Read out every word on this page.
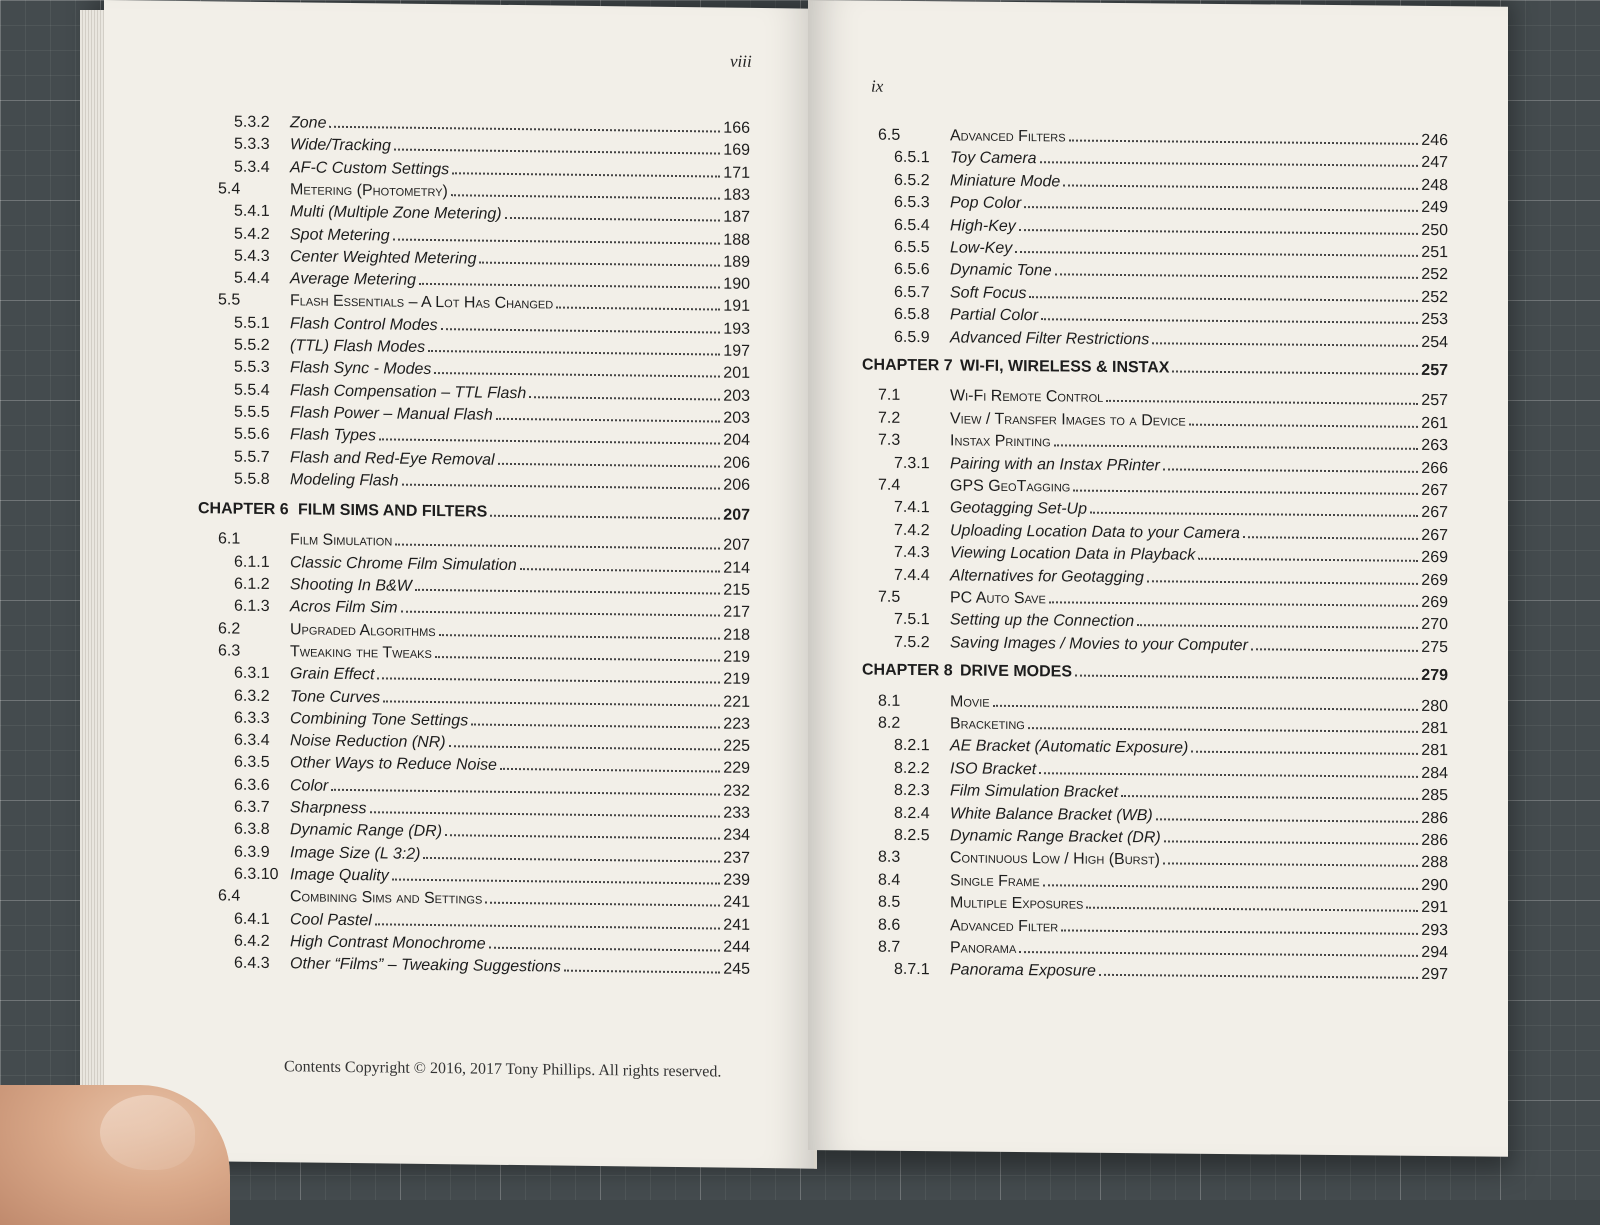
viii
5.3.2	Zone	166
5.3.3	Wide/Tracking	169
5.3.4	AF-C Custom Settings	171
5.4	Metering (Photometry)	183
5.4.1	Multi (Multiple Zone Metering)	187
5.4.2	Spot Metering	188
5.4.3	Center Weighted Metering	189
5.4.4	Average Metering	190
5.5	Flash Essentials – A Lot Has Changed	191
5.5.1	Flash Control Modes	193
5.5.2	(TTL) Flash Modes	197
5.5.3	Flash Sync - Modes	201
5.5.4	Flash Compensation – TTL Flash	203
5.5.5	Flash Power – Manual Flash	203
5.5.6	Flash Types	204
5.5.7	Flash and Red-Eye Removal	206
5.5.8	Modeling Flash	206
CHAPTER 6 FILM SIMS AND FILTERS	207
6.1	Film Simulation	207
6.1.1	Classic Chrome Film Simulation	214
6.1.2	Shooting In B&W	215
6.1.3	Acros Film Sim	217
6.2	Upgraded Algorithms	218
6.3	Tweaking the Tweaks	219
6.3.1	Grain Effect	219
6.3.2	Tone Curves	221
6.3.3	Combining Tone Settings	223
6.3.4	Noise Reduction (NR)	225
6.3.5	Other Ways to Reduce Noise	229
6.3.6	Color	232
6.3.7	Sharpness	233
6.3.8	Dynamic Range (DR)	234
6.3.9	Image Size (L 3:2)	237
6.3.10 Image Quality	239
6.4	Combining Sims and Settings	241
6.4.1	Cool Pastel	241
6.4.2	High Contrast Monochrome	244
6.4.3	Other “Films” – Tweaking Suggestions	245
Contents Copyright © 2016, 2017 Tony Phillips. All rights reserved.
ix
6.5	Advanced Filters	246
6.5.1	Toy Camera	247
6.5.2	Miniature Mode	248
6.5.3	Pop Color	249
6.5.4	High-Key	250
6.5.5	Low-Key	251
6.5.6	Dynamic Tone	252
6.5.7	Soft Focus	252
6.5.8	Partial Color	253
6.5.9	Advanced Filter Restrictions	254
CHAPTER 7 WI-FI, WIRELESS & INSTAX	257
7.1	Wi-Fi Remote Control	257
7.2	View / Transfer Images to a Device	261
7.3	Instax Printing	263
7.3.1	Pairing with an Instax PRinter	266
7.4	GPS GeoTagging	267
7.4.1	Geotagging Set-Up	267
7.4.2	Uploading Location Data to your Camera	267
7.4.3	Viewing Location Data in Playback	269
7.4.4	Alternatives for Geotagging	269
7.5	PC Auto Save	269
7.5.1	Setting up the Connection	270
7.5.2	Saving Images / Movies to your Computer	275
CHAPTER 8 DRIVE MODES	279
8.1	Movie	280
8.2	Bracketing	281
8.2.1	AE Bracket (Automatic Exposure)	281
8.2.2	ISO Bracket	284
8.2.3	Film Simulation Bracket	285
8.2.4	White Balance Bracket (WB)	286
8.2.5	Dynamic Range Bracket (DR)	286
8.3	Continuous Low / High (Burst)	288
8.4	Single Frame	290
8.5	Multiple Exposures	291
8.6	Advanced Filter	293
8.7	Panorama	294
8.7.1	Panorama Exposure	297
